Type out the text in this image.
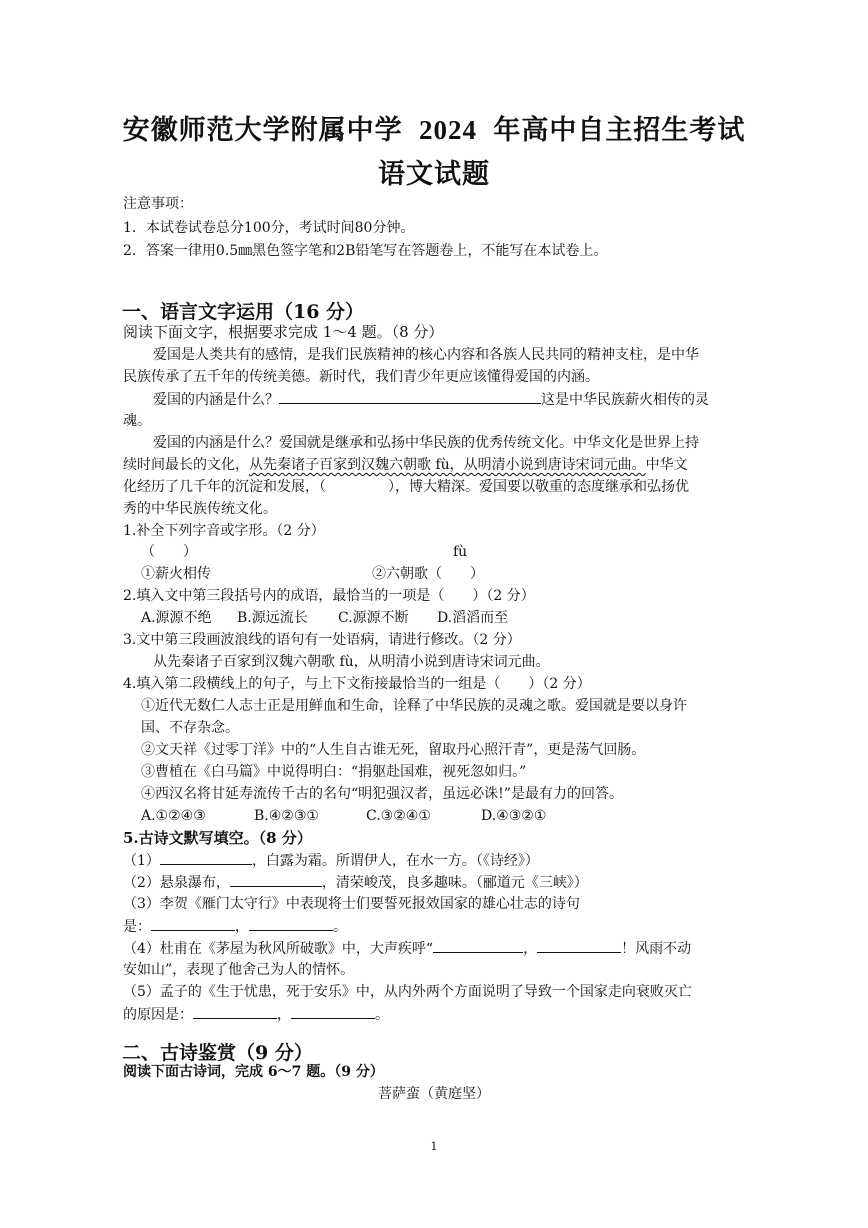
安徽师范大学附属中学 2024 年高中自主招生考试
语文试题
注意事项：
1．本试卷试卷总分100分，考试时间80分钟。
2．答案一律用0.5㎜黑色签字笔和2B铅笔写在答题卷上，不能写在本试卷上。
一、语言文字运用（16 分）
阅读下面文字，根据要求完成 1～4 题。（8 分）
爱国是人类共有的感情，是我们民族精神的核心内容和各族人民共同的精神支柱，是中华
民族传承了五千年的传统美德。新时代，我们青少年更应该懂得爱国的内涵。
爱国的内涵是什么？	这是中华民族薪火相传的灵
魂。
爱国的内涵是什么？爱国就是继承和弘扬中华民族的优秀传统文化。中华文化是世界上持
续时间最长的文化，从先秦诸子百家到汉魏六朝歌 fù，从明清小说到唐诗宋词元曲。中华文
化经历了几千年的沉淀和发展，（	），博大精深。爱国要以敬重的态度继承和弘扬优
秀的中华民族传统文化。
1.补全下列字音或字形。（2 分）
（　　）	fù
①薪火相传	②六朝歌（　　）
2.填入文中第三段括号内的成语，最恰当的一项是（　　）（2 分）
A.源源不绝 B.源远流长 C.源源不断 D.滔滔而至
3.文中第三段画波浪线的语句有一处语病，请进行修改。（2 分）
从先秦诸子百家到汉魏六朝歌 fù，从明清小说到唐诗宋词元曲。
4.填入第二段横线上的句子，与上下文衔接最恰当的一组是（　　）（2 分）
①近代无数仁人志士正是用鲜血和生命，诠释了中华民族的灵魂之歌。爱国就是要以身许
国、不存杂念。
②文天祥《过零丁洋》中的“人生自古谁无死，留取丹心照汗青”，更是荡气回肠。
③曹植在《白马篇》中说得明白：“捐躯赴国难，视死忽如归。”
④西汉名将甘延寿流传千古的名句“明犯强汉者，虽远必诛!”是最有力的回答。
A.①②④③	B.④②③①	C.③②④①	D.④③②①
5.古诗文默写填空。（8 分）
（1）	，白露为霜。所谓伊人，在水一方。（《诗经》）
（2）悬泉瀑布，	，清荣峻茂，良多趣味。（郦道元《三峡》）
（3）李贺《雁门太守行》中表现将士们要誓死报效国家的雄心壮志的诗句
是：	，	。
（4）杜甫在《茅屋为秋风所破歌》中，大声疾呼“	，	！风雨不动
安如山”，表现了他舍己为人的情怀。
（5）孟子的《生于忧患，死于安乐》中，从内外两个方面说明了导致一个国家走向衰败灭亡
的原因是：	，	。
二、古诗鉴赏（9 分）
阅读下面古诗词，完成 6～7 题。（9 分）
菩萨蛮（黄庭坚）
1
